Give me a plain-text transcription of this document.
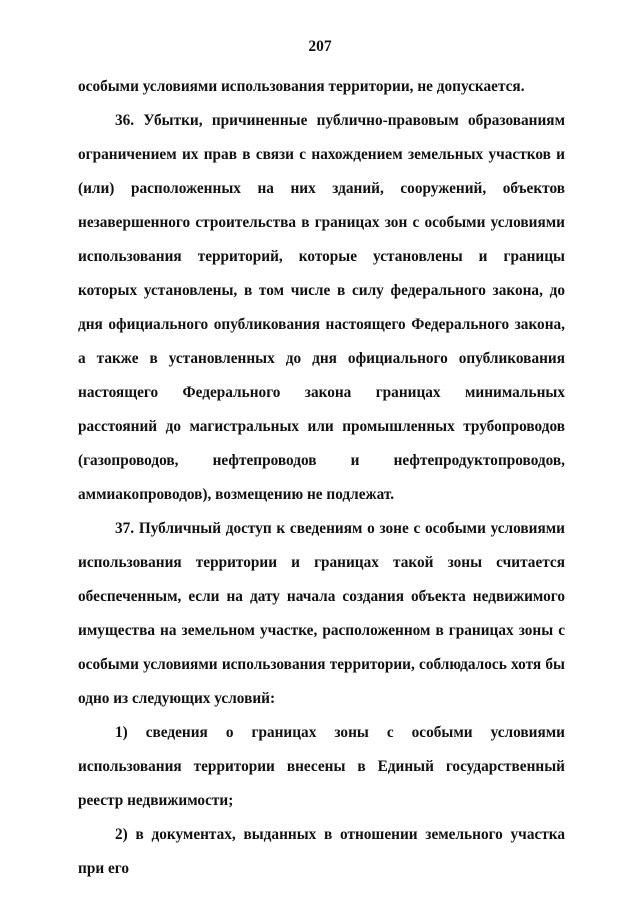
207

особыми условиями использования территории, не допускается.

36. Убытки, причиненные публично-правовым образованиям ограничением их прав в связи с нахождением земельных участков и (или) расположенных на них зданий, сооружений, объектов незавершенного строительства в границах зон с особыми условиями использования территорий, которые установлены и границы которых установлены, в том числе в силу федерального закона, до дня официального опубликования настоящего Федерального закона, а также в установленных до дня официального опубликования настоящего Федерального закона границах минимальных расстояний до магистральных или промышленных трубопроводов (газопроводов, нефтепроводов и нефтепродуктопроводов, аммиакопроводов), возмещению не подлежат.

37. Публичный доступ к сведениям о зоне с особыми условиями использования территории и границах такой зоны считается обеспеченным, если на дату начала создания объекта недвижимого имущества на земельном участке, расположенном в границах зоны с особыми условиями использования территории, соблюдалось хотя бы одно из следующих условий:

1) сведения о границах зоны с особыми условиями использования территории внесены в Единый государственный реестр недвижимости;

2) в документах, выданных в отношении земельного участка при его
